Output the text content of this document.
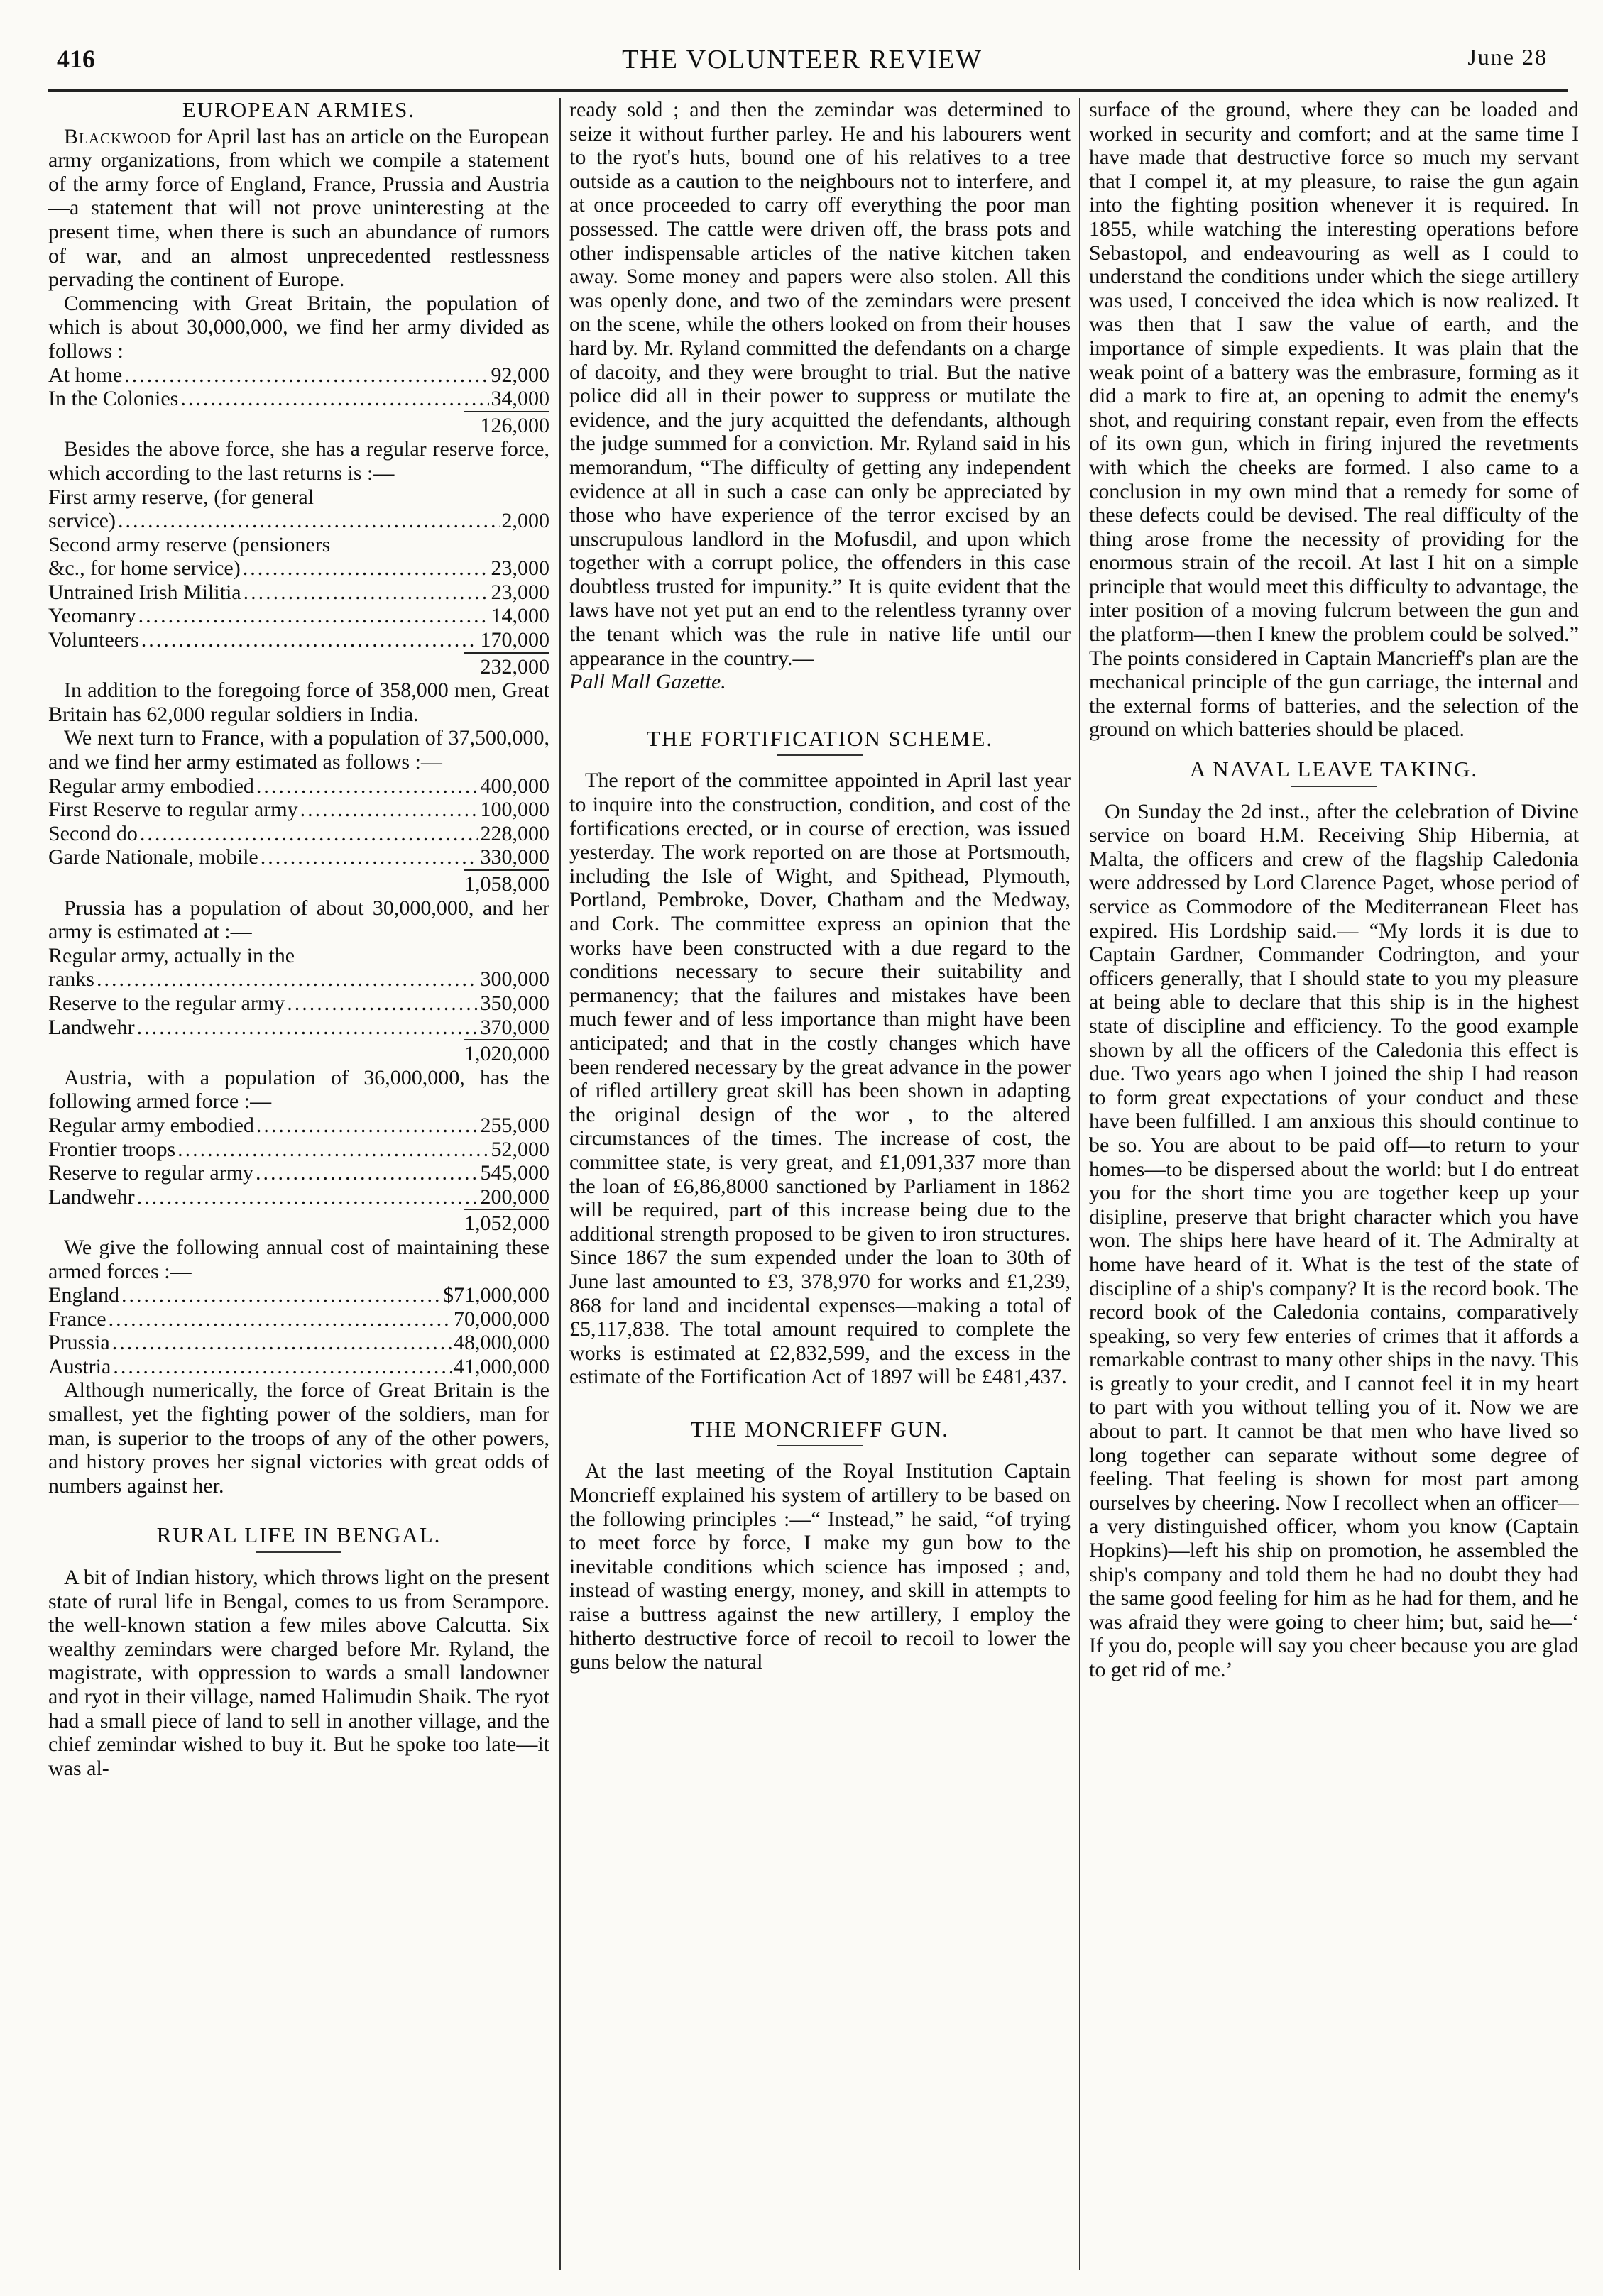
THE VOLUNTEER REVIEW
416	June 28
EUROPEAN ARMIES.

Blackwood for April last has an article on the European army organizations, from which we compile a statement of the army force of England, France, Prussia and Austria—a statement that will not prove uninteresting at the present time, when there is such an abundance of rumors of war, and an almost unprecedented restlessness pervading the continent of Europe.

Commencing with Great Britain, the population of which is about 30,000,000, we find her army divided as follows :

At home .....	92,000
In the Colonies .....	34,000
126,000

Besides the above force, she has a regular reserve force, which according to the last returns is :—

First army reserve, (for general
service) .....	2,000
Second army reserve (pensioners
&c., for home service) .....	23,000
Untrained Irish Militia .....	23,000
Yeomanry .....	14,000
Volunteers .....	170,000
232,000

In addition to the foregoing force of 358,000 men, Great Britain has 62,000 regular soldiers in India.

We next turn to France, with a population of 37,500,000, and we find her army estimated as follows :—

Regular army embodied .....	400,000
First Reserve to regular army .....	100,000
Second do .....	228,000
Garde Nationale, mobile .....	330,000
1,058,000

Prussia has a population of about 30,000,000, and her army is estimated at :—

Regular army, actually in the
ranks .....	300,000
Reserve to the regular army .....	350,000
Landwehr .....	370,000
1,020,000

Austria, with a population of 36,000,000, has the following armed force :—

Regular army embodied .....	255,000
Frontier troops .....	52,000
Reserve to regular army .....	545,000
Landwehr .....	200,000
1,052,000

We give the following annual cost of maintaining these armed forces :—

England .....	$71,000,000
France .....	70,000,000
Prussia .....	48,000,000
Austria .....	41,000,000

Although numerically, the force of Great Britain is the smallest, yet the fighting power of the soldiers, man for man, is superior to the troops of any of the other powers, and history proves her signal victories with great odds of numbers against her.

RURAL LIFE IN BENGAL.

A bit of Indian history, which throws light on the present state of rural life in Bengal, comes to us from Serampore. the well-known station a few miles above Calcutta. Six wealthy zemindars were charged before Mr. Ryland, the magistrate, with oppression to wards a small landowner and ryot in their village, named Halimudin Shaik. The ryot had a small piece of land to sell in another village, and the chief zemindar wished to buy it. But he spoke too late—it was al-

ready sold ; and then the zemindar was determined to seize it without further parley. He and his labourers went to the ryot's huts, bound one of his relatives to a tree outside as a caution to the neighbours not to interfere, and at once proceeded to carry off everything the poor man possessed. The cattle were driven off, the brass pots and other indispensable articles of the native kitchen taken away. Some money and papers were also stolen. All this was openly done, and two of the zemindars were present on the scene, while the others looked on from their houses hard by. Mr. Ryland committed the defendants on a charge of dacoity, and they were brought to trial. But the native police did all in their power to suppress or mutilate the evidence, and the jury acquitted the defendants, although the judge summed for a conviction. Mr. Ryland said in his memorandum, “The difficulty of getting any independent evidence at all in such a case can only be appreciated by those who have experience of the terror excised by an unscrupulous landlord in the Mofusdil, and upon which together with a corrupt police, the offenders in this case doubtless trusted for impunity.” It is quite evident that the laws have not yet put an end to the relentless tyranny over the tenant which was the rule in native life until our appearance in the country.—
Pall Mall Gazette.

THE FORTIFICATION SCHEME.

The report of the committee appointed in April last year to inquire into the construction, condition, and cost of the fortifications erected, or in course of erection, was issued yesterday. The work reported on are those at Portsmouth, including the Isle of Wight, and Spithead, Plymouth, Portland, Pembroke, Dover, Chatham and the Medway, and Cork. The committee express an opinion that the works have been constructed with a due regard to the conditions necessary to secure their suitability and permanency; that the failures and mistakes have been much fewer and of less importance than might have been anticipated; and that in the costly changes which have been rendered necessary by the great advance in the power of rifled artillery great skill has been shown in adapting the original design of the wor , to the altered circumstances of the times. The increase of cost, the committee state, is very great, and £1,091,337 more than the loan of £6,86,8000 sanctioned by Parliament in 1862 will be required, part of this increase being due to the additional strength proposed to be given to iron structures. Since 1867 the sum expended under the loan to 30th of June last amounted to £3, 378,970 for works and £1,239, 868 for land and incidental expenses—making a total of £5,117,838. The total amount required to complete the works is estimated at £2,832,599, and the excess in the estimate of the Fortification Act of 1897 will be £481,437.

THE MONCRIEFF GUN.

At the last meeting of the Royal Institution Captain Moncrieff explained his system of artillery to be based on the following principles :—“ Instead,” he said, “of trying to meet force by force, I make my gun bow to the inevitable conditions which science has imposed ; and, instead of wasting energy, money, and skill in attempts to raise a buttress against the new artillery, I employ the hitherto destructive force of recoil to recoil to lower the guns below the natural

surface of the ground, where they can be loaded and worked in security and comfort; and at the same time I have made that destructive force so much my servant that I compel it, at my pleasure, to raise the gun again into the fighting position whenever it is required. In 1855, while watching the interesting operations before Sebastopol, and endeavouring as well as I could to understand the conditions under which the siege artillery was used, I conceived the idea which is now realized. It was then that I saw the value of earth, and the importance of simple expedients. It was plain that the weak point of a battery was the embrasure, forming as it did a mark to fire at, an opening to admit the enemy's shot, and requiring constant repair, even from the effects of its own gun, which in firing injured the revetments with which the cheeks are formed. I also came to a conclusion in my own mind that a remedy for some of these defects could be devised. The real difficulty of the thing arose frome the necessity of providing for the enormous strain of the recoil. At last I hit on a simple principle that would meet this difficulty to advantage, the inter position of a moving fulcrum between the gun and the platform—then I knew the problem could be solved.” The points considered in Captain Mancrieff's plan are the mechanical principle of the gun carriage, the internal and the external forms of batteries, and the selection of the ground on which batteries should be placed.

A NAVAL LEAVE TAKING.

On Sunday the 2d inst., after the celebration of Divine service on board H.M. Receiving Ship Hibernia, at Malta, the officers and crew of the flagship Caledonia were addressed by Lord Clarence Paget, whose period of service as Commodore of the Mediterranean Fleet has expired. His Lordship said.— “My lords it is due to Captain Gardner, Commander Codrington, and your officers generally, that I should state to you my pleasure at being able to declare that this ship is in the highest state of discipline and efficiency. To the good example shown by all the officers of the Caledonia this effect is due. Two years ago when I joined the ship I had reason to form great expectations of your conduct and these have been fulfilled. I am anxious this should continue to be so. You are about to be paid off—to return to your homes—to be dispersed about the world: but I do entreat you for the short time you are together keep up your disipline, preserve that bright character which you have won. The ships here have heard of it. The Admiralty at home have heard of it. What is the test of the state of discipline of a ship's company? It is the record book. The record book of the Caledonia contains, comparatively speaking, so very few enteries of crimes that it affords a remarkable contrast to many other ships in the navy. This is greatly to your credit, and I cannot feel it in my heart to part with you without telling you of it. Now we are about to part. It cannot be that men who have lived so long together can separate without some degree of feeling. That feeling is shown for most part among ourselves by cheering. Now I recollect when an officer—a very distinguished officer, whom you know (Captain Hopkins)—left his ship on promotion, he assembled the ship's company and told them he had no doubt they had the same good feeling for him as he had for them, and he was afraid they were going to cheer him; but, said he—‘ If you do, people will say you cheer because you are glad to get rid of me.’
